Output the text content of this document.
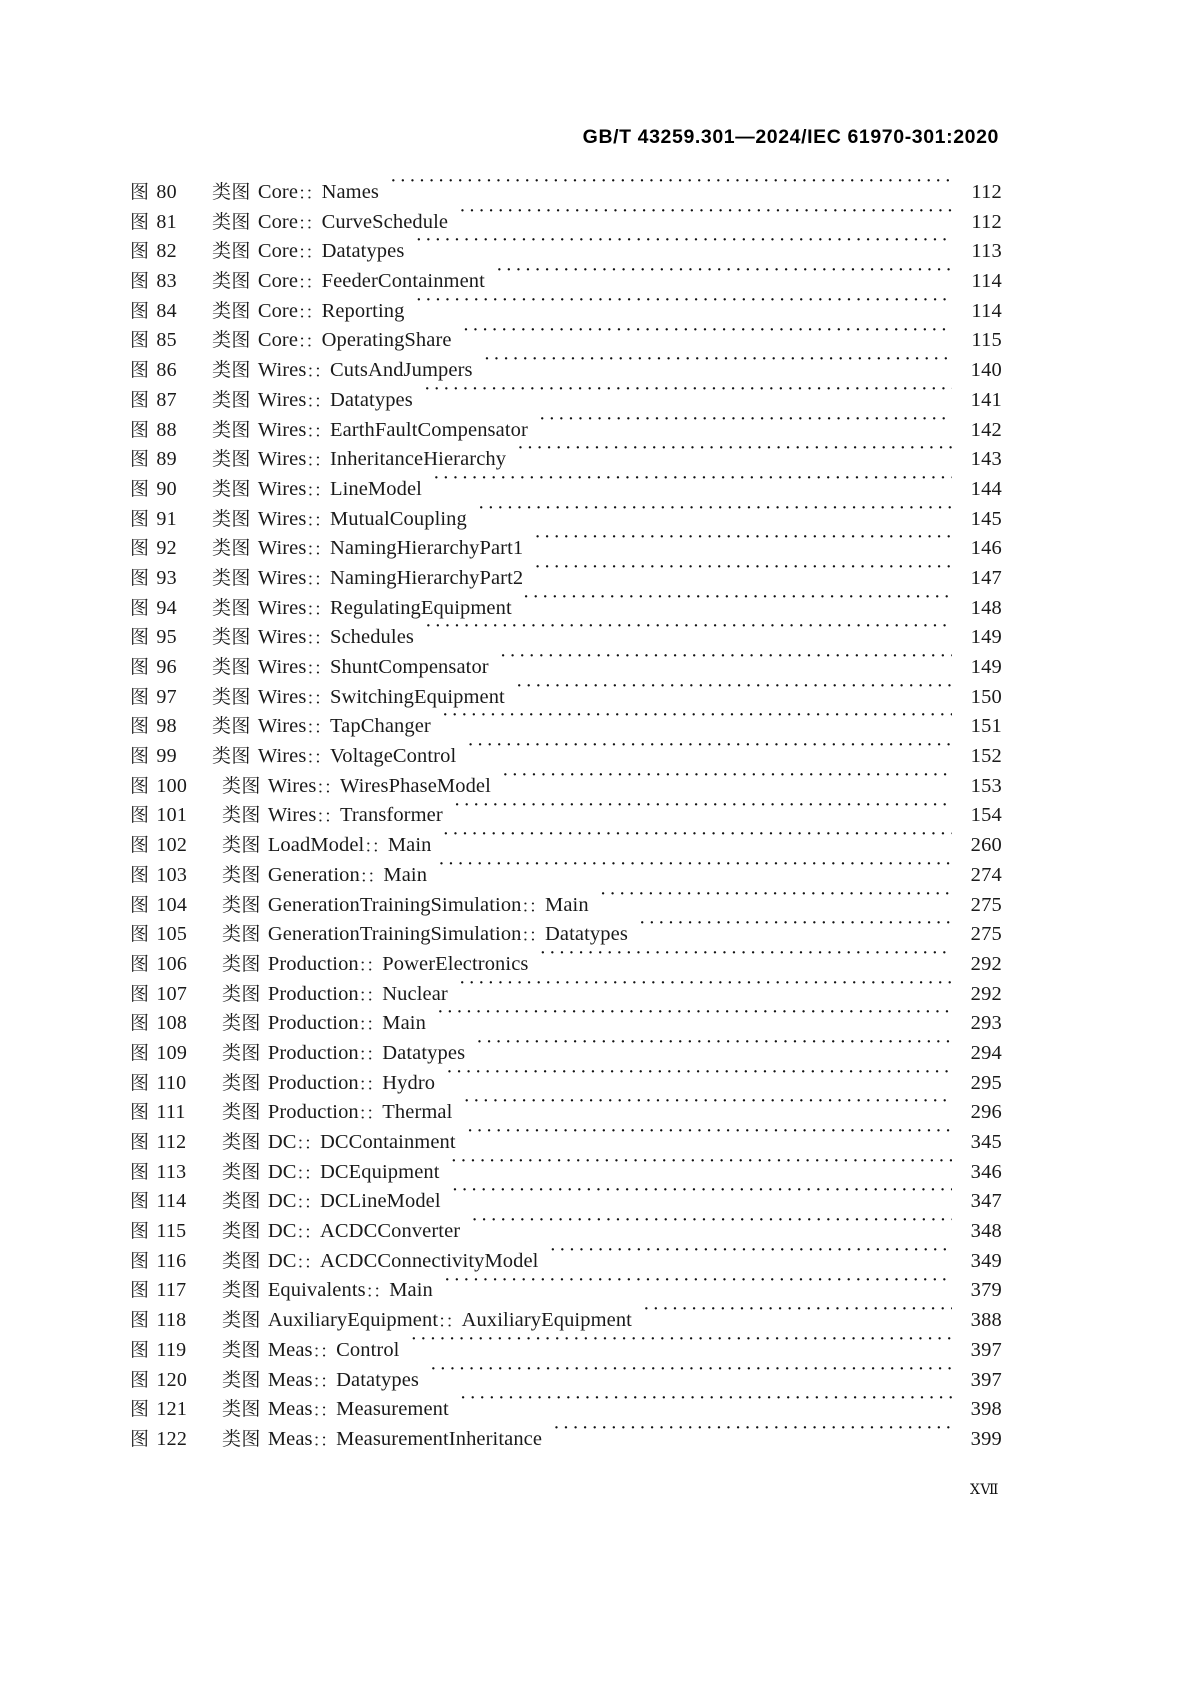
GB/T 43259.301—2024/IEC 61970-301:2020
图 80 类图 Core：：Names ·····	112
图 81 类图 Core：：CurveSchedule ·····	112
图 82 类图 Core：：Datatypes ·····	113
图 83 类图 Core：：FeederContainment ·····	114
图 84 类图 Core：：Reporting ·····	114
图 85 类图 Core：：OperatingShare ·····	115
图 86 类图 Wires：：CutsAndJumpers ·····	140
图 87 类图 Wires：：Datatypes ·····	141
图 88 类图 Wires：：EarthFaultCompensator ·····	142
图 89 类图 Wires：：InheritanceHierarchy ·····	143
图 90 类图 Wires：：LineModel ·····	144
图 91 类图 Wires：：MutualCoupling ·····	145
图 92 类图 Wires：：NamingHierarchyPart1 ·····	146
图 93 类图 Wires：：NamingHierarchyPart2 ·····	147
图 94 类图 Wires：：RegulatingEquipment ·····	148
图 95 类图 Wires：：Schedules ·····	149
图 96 类图 Wires：：ShuntCompensator ·····	149
图 97 类图 Wires：：SwitchingEquipment ·····	150
图 98 类图 Wires：：TapChanger ·····	151
图 99 类图 Wires：：VoltageControl ·····	152
图 100 类图 Wires：：WiresPhaseModel ·····	153
图 101 类图 Wires：：Transformer ·····	154
图 102 类图 LoadModel：：Main ·····	260
图 103 类图 Generation：：Main ·····	274
图 104 类图 GenerationTrainingSimulation：：Main ·····	275
图 105 类图 GenerationTrainingSimulation：：Datatypes ·····	275
图 106 类图 Production：：PowerElectronics ·····	292
图 107 类图 Production：：Nuclear ·····	292
图 108 类图 Production：：Main ·····	293
图 109 类图 Production：：Datatypes ·····	294
图 110 类图 Production：：Hydro ·····	295
图 111 类图 Production：：Thermal ·····	296
图 112 类图 DC：：DCContainment ·····	345
图 113 类图 DC：：DCEquipment ·····	346
图 114 类图 DC：：DCLineModel ·····	347
图 115 类图 DC：：ACDCConverter ·····	348
图 116 类图 DC：：ACDCConnectivityModel ·····	349
图 117 类图 Equivalents：：Main ·····	379
图 118 类图 AuxiliaryEquipment：：AuxiliaryEquipment ·····	388
图 119 类图 Meas：：Control ·····	397
图 120 类图 Meas：：Datatypes ·····	397
图 121 类图 Meas：：Measurement ·····	398
图 122 类图 Meas：：MeasurementInheritance ·····	399
ⅩⅦ
